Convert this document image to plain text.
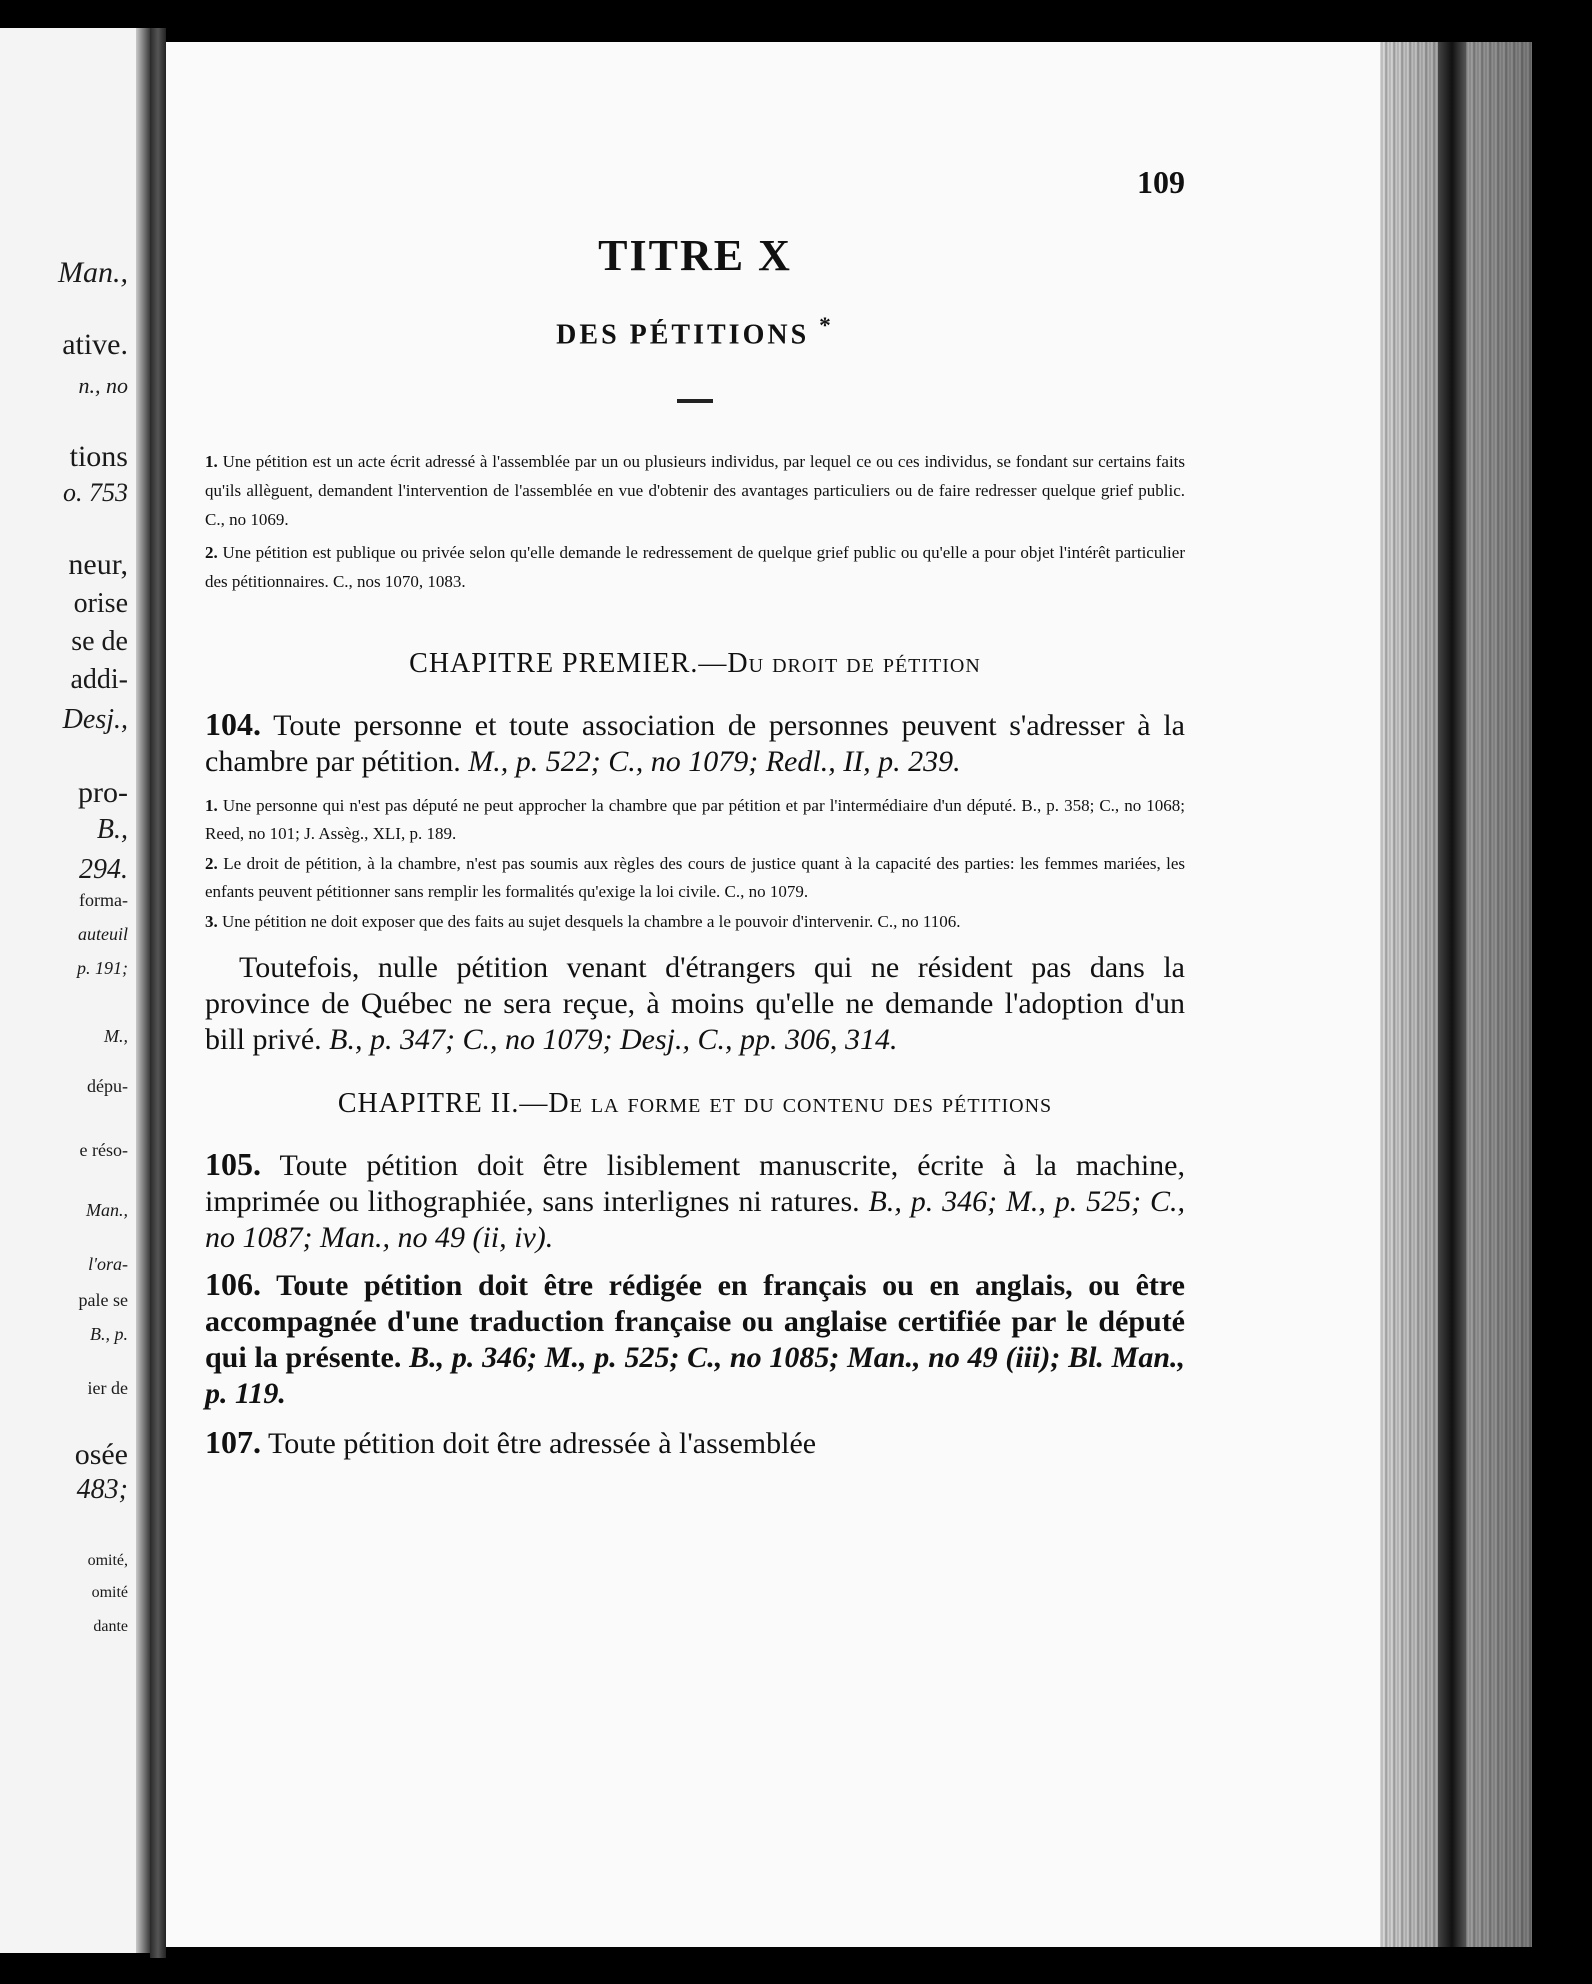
Man.,
ative.
n., no
tions
o. 753
neur,
orise
se de
addi-
Desj.,
pro-
B.,
294.
forma-
auteuil
p. 191;
M.,
dépu-
e réso-
Man.,
l'ora-
pale se
B., p.
ier de
osée
483;
omité,
omité
dante
109
TITRE X
DES PÉTITIONS *

1. Une pétition est un acte écrit adressé à l'assemblée par un ou plusieurs individus, par lequel ce ou ces individus, se fondant sur certains faits qu'ils allèguent, demandent l'intervention de l'assemblée en vue d'obtenir des avantages particuliers ou de faire redresser quelque grief public. C., no 1069.

2. Une pétition est publique ou privée selon qu'elle demande le redressement de quelque grief public ou qu'elle a pour objet l'intérêt particulier des pétitionnaires. C., nos 1070, 1083.

CHAPITRE PREMIER.—Du droit de pétition

104. Toute personne et toute association de personnes peuvent s'adresser à la chambre par pétition. M., p. 522; C., no 1079; Redl., II, p. 239.

1. Une personne qui n'est pas député ne peut approcher la chambre que par pétition et par l'intermédiaire d'un député. B., p. 358; C., no 1068; Reed, no 101; J. Assèg., XLI, p. 189.

2. Le droit de pétition, à la chambre, n'est pas soumis aux règles des cours de justice quant à la capacité des parties: les femmes mariées, les enfants peuvent pétitionner sans remplir les formalités qu'exige la loi civile. C., no 1079.

3. Une pétition ne doit exposer que des faits au sujet desquels la chambre a le pouvoir d'intervenir. C., no 1106.

Toutefois, nulle pétition venant d'étrangers qui ne résident pas dans la province de Québec ne sera reçue, à moins qu'elle ne demande l'adoption d'un bill privé. B., p. 347; C., no 1079; Desj., C., pp. 306, 314.

CHAPITRE II.—De la forme et du contenu des pétitions

105. Toute pétition doit être lisiblement manuscrite, écrite à la machine, imprimée ou lithographiée, sans interlignes ni ratures. B., p. 346; M., p. 525; C., no 1087; Man., no 49 (ii, iv).

106. Toute pétition doit être rédigée en français ou en anglais, ou être accompagnée d'une traduction française ou anglaise certifiée par le député qui la présente. B., p. 346; M., p. 525; C., no 1085; Man., no 49 (iii); Bl. Man., p. 119.

107. Toute pétition doit être adressée à l'assemblée
